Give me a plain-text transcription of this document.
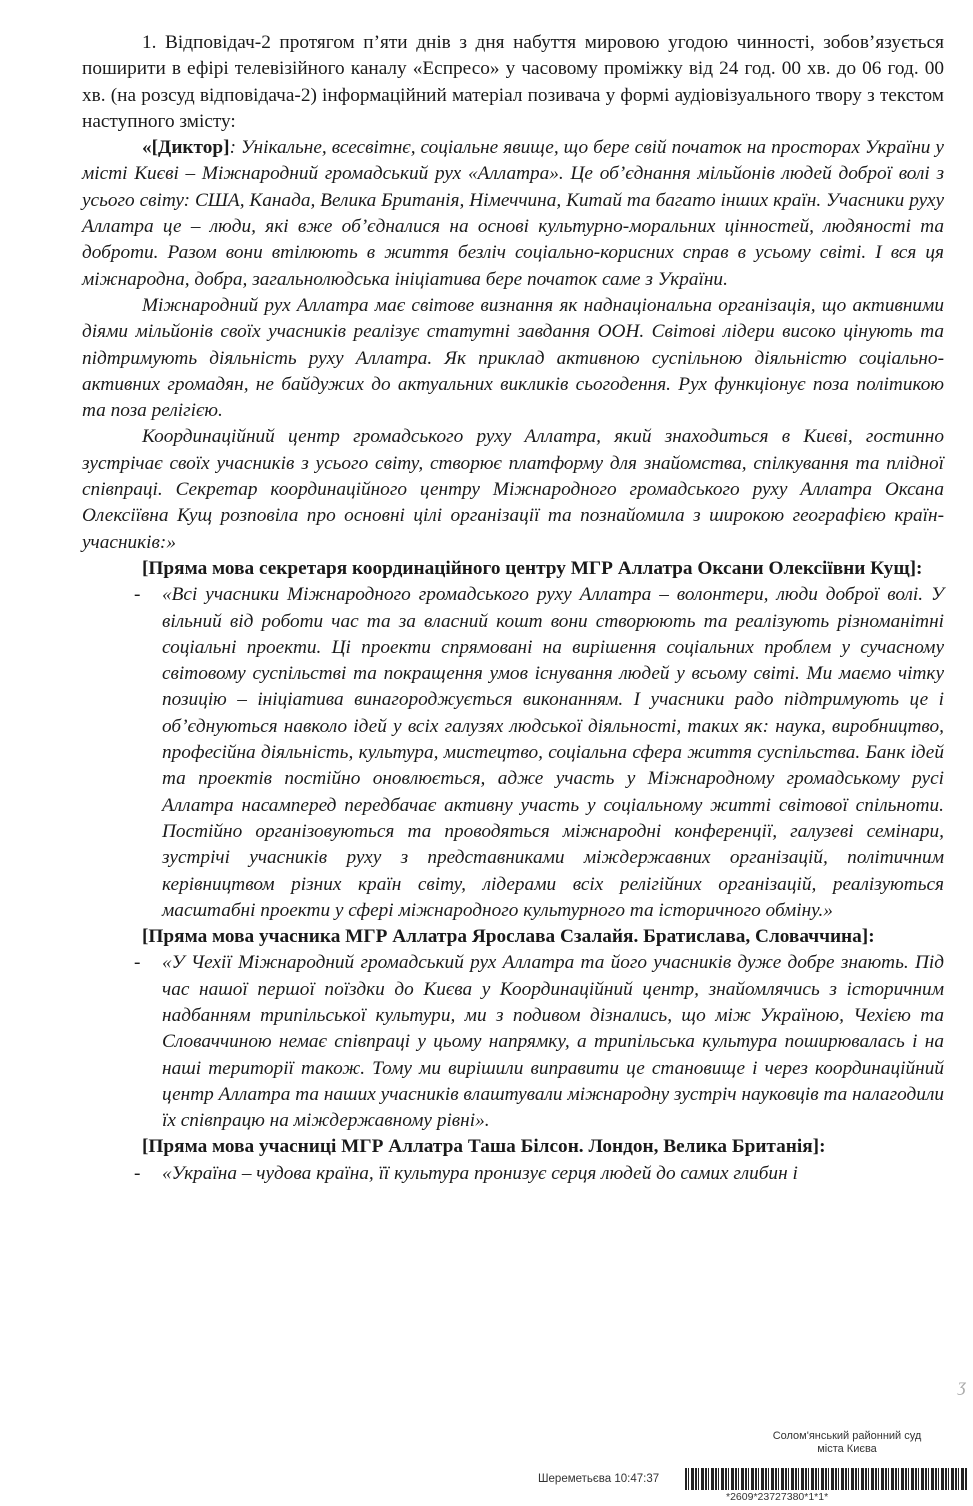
1. Відповідач-2 протягом п’яти днів з дня набуття мировою угодою чинності, зобов’язується поширити в ефірі телевізійного каналу «Еспресо» у часовому проміжку від 24 год. 00 хв. до 06 год. 00 хв. (на розсуд відповідача-2) інформаційний матеріал позивача у формі аудіовізуального твору з текстом наступного змісту:

«[Диктор]: Унікальне, всесвітнє, соціальне явище, що бере свій початок на просторах України у місті Києві – Міжнародний громадський рух «Аллатра». Це об’єднання мільйонів людей доброї волі з усього світу: США, Канада, Велика Британія, Німеччина, Китай та багато інших країн. Учасники руху Аллатра це – люди, які вже об’єдналися на основі культурно-моральних цінностей, людяності та доброти. Разом вони втілюють в життя безліч соціально-корисних справ в усьому світі. І вся ця міжнародна, добра, загальнолюдська ініціатива бере початок саме з України.

Міжнародний рух Аллатра має світове визнання як наднаціональна організація, що активними діями мільйонів своїх учасників реалізує статутні завдання ООН. Світові лідери високо цінують та підтримують діяльність руху Аллатра. Як приклад активною суспільною діяльністю соціально-активних громадян, не байдужих до актуальних викликів сьогодення. Рух функціонує поза політикою та поза релігією.

Координаційний центр громадського руху Аллатра, який знаходиться в Києві, гостинно зустрічає своїх учасників з усього світу, створює платформу для знайомства, спілкування та плідної співпраці. Секретар координаційного центру Міжнародного громадського руху Аллатра Оксана Олексіївна Кущ розповіла про основні цілі організації та познайомила з широкою географією країн-учасників:»

[Пряма мова секретаря координаційного центру МГР Аллатра Оксани Олексіївни Кущ]:

- «Всі учасники Міжнародного громадського руху Аллатра – волонтери, люди доброї волі. У вільний від роботи час та за власний кошт вони створюють та реалізують різноманітні соціальні проекти. Ці проекти спрямовані на вирішення соціальних проблем у сучасному світовому суспільстві та покращення умов існування людей у всьому світі. Ми маємо чітку позицію – ініціатива винагороджується виконанням. І учасники радо підтримують це і об’єднуються навколо ідей у всіх галузях людської діяльності, таких як: наука, виробництво, професійна діяльність, культура, мистецтво, соціальна сфера життя суспільства. Банк ідей та проектів постійно оновлюється, адже участь у Міжнародному громадському русі Аллатра насамперед передбачає активну участь у соціальному житті світової спільноти. Постійно організовуються та проводяться міжнародні конференції, галузеві семінари, зустрічі учасників руху з представниками міждержавних організацій, політичним керівництвом різних країн світу, лідерами всіх релігійних організацій, реалізуються масштабні проекти у сфері міжнародного культурного та історичного обміну.»

[Пряма мова учасника МГР Аллатра Ярослава Сзалайя. Братислава, Словаччина]:

- «У Чехії Міжнародний громадський рух Аллатра та його учасників дуже добре знають. Під час нашої першої поїздки до Києва у Координаційний центр, знайомлячись з історичним надбанням трипільської культури, ми з подивом дізнались, що між Україною, Чехією та Словаччиною немає співпраці у цьому напрямку, а трипільська культура поширювалась і на наші території також. Тому ми вирішили виправити це становище і через координаційний центр Аллатра та наших учасників влаштували міжнародну зустріч науковців та налагодили їх співпрацю на міждержавному рівні».

[Пряма мова учасниці МГР Аллатра Таша Білсон. Лондон, Велика Британія]:

- «Україна – чудова країна, її культура пронизує серця людей до самих глибин і

ʒ
Солом'янський районний суд
міста Києва
Шереметьєва 10:47:37
*2609*23727380*1*1*
